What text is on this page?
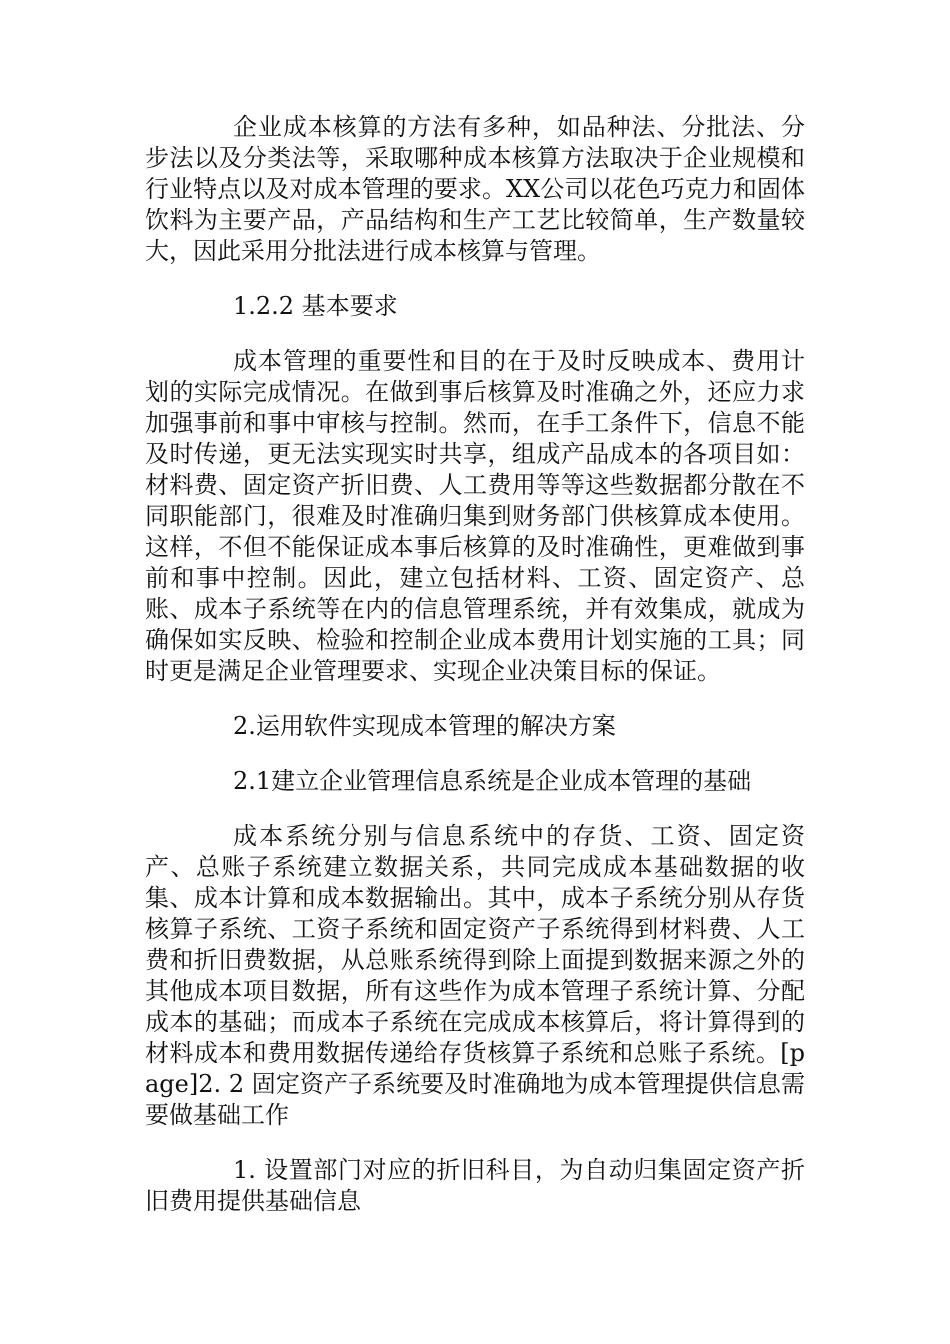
企业成本核算的方法有多种，如品种法、分批法、分步法以及分类法等，采取哪种成本核算方法取决于企业规模和行业特点以及对成本管理的要求。XX公司以花色巧克力和固体饮料为主要产品，产品结构和生产工艺比较简单，生产数量较大，因此采用分批法进行成本核算与管理。

1.2.2 基本要求

成本管理的重要性和目的在于及时反映成本、费用计划的实际完成情况。在做到事后核算及时准确之外，还应力求加强事前和事中审核与控制。然而，在手工条件下，信息不能及时传递，更无法实现实时共享，组成产品成本的各项目如：材料费、固定资产折旧费、人工费用等等这些数据都分散在不同职能部门，很难及时准确归集到财务部门供核算成本使用。这样，不但不能保证成本事后核算的及时准确性，更难做到事前和事中控制。因此，建立包括材料、工资、固定资产、总账、成本子系统等在内的信息管理系统，并有效集成，就成为确保如实反映、检验和控制企业成本费用计划实施的工具；同时更是满足企业管理要求、实现企业决策目标的保证。

2.运用软件实现成本管理的解决方案

2.1建立企业管理信息系统是企业成本管理的基础

成本系统分别与信息系统中的存货、工资、固定资产、总账子系统建立数据关系，共同完成成本基础数据的收集、成本计算和成本数据输出。其中，成本子系统分别从存货核算子系统、工资子系统和固定资产子系统得到材料费、人工费和折旧费数据，从总账系统得到除上面提到数据来源之外的其他成本项目数据，所有这些作为成本管理子系统计算、分配成本的基础；而成本子系统在完成成本核算后，将计算得到的材料成本和费用数据传递给存货核算子系统和总账子系统。[page]2. 2 固定资产子系统要及时准确地为成本管理提供信息需要做基础工作

1. 设置部门对应的折旧科目，为自动归集固定资产折旧费用提供基础信息
